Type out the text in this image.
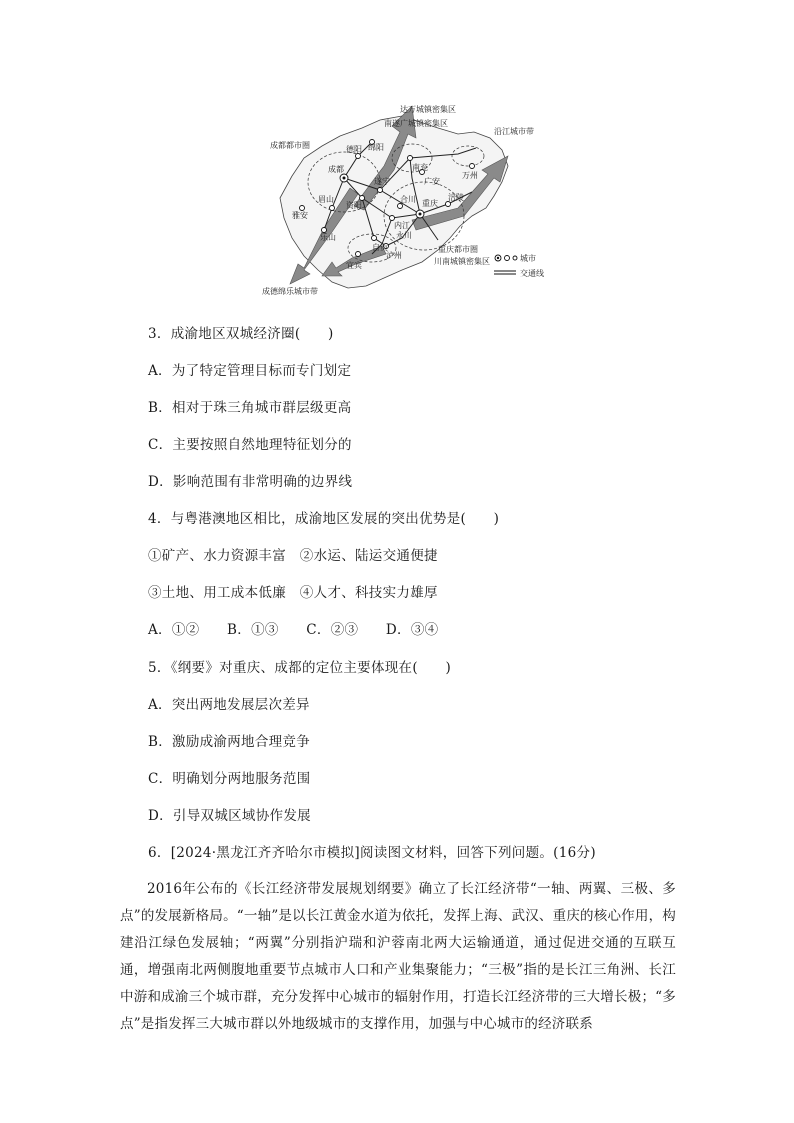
达万城镇密集区
南遂广城镇密集区
沿江城市带
成都都市圈
成都
德阳 绵阳
南充
广安
遂宁
资阳
内江
眉山
雅安
乐山
自贡
泸州
宜宾
重庆
涪陵
万州
合川
永川
重庆都市圈
川南城镇密集区
成德绵乐城市带
城市
交通线
3．成渝地区双城经济圈(　　)
A．为了特定管理目标而专门划定
B．相对于珠三角城市群层级更高
C．主要按照自然地理特征划分的
D．影响范围有非常明确的边界线
4．与粤港澳地区相比，成渝地区发展的突出优势是(　　)
①矿产、水力资源丰富　②水运、陆运交通便捷
③土地、用工成本低廉　④人才、科技实力雄厚
A．①②　　B．①③　　C．②③　　D．③④
5．《纲要》对重庆、成都的定位主要体现在(　　)
A．突出两地发展层次差异
B．激励成渝两地合理竞争
C．明确划分两地服务范围
D．引导双城区域协作发展
6．[2024·黑龙江齐齐哈尔市模拟]阅读图文材料，回答下列问题。(16分)

2016年公布的《长江经济带发展规划纲要》确立了长江经济带“一轴、两翼、三极、多点”的发展新格局。“一轴”是以长江黄金水道为依托，发挥上海、武汉、重庆的核心作用，构建沿江绿色发展轴；“两翼”分别指沪瑞和沪蓉南北两大运输通道，通过促进交通的互联互通，增强南北两侧腹地重要节点城市人口和产业集聚能力；“三极”指的是长江三角洲、长江中游和成渝三个城市群，充分发挥中心城市的辐射作用，打造长江经济带的三大增长极；“多点”是指发挥三大城市群以外地级城市的支撑作用，加强与中心城市的经济联系
